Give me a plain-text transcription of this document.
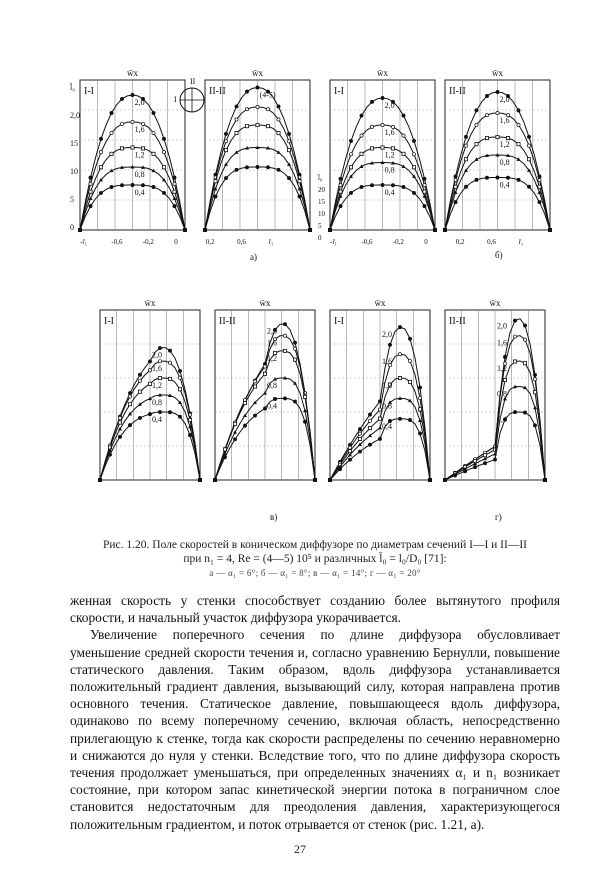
I-I
w̄x
2,0
1,6
1,2
0,8
0,4
II-II
w̄x
(4-5)	I-I
w̄x
2,0
1,6
1,2
0,8
0,4
II-II
w̄x
2,0
1,6
1,2
0,8
0,4
I-I
w̄x
2,0
1,6
1,2
0,8
0,4
II-II
w̄x
2,8
1,6
1,2
0,8
0,4
I-I
w̄x
2,0
1,6
1,2
0,8
0,4
II-II
w̄x
2,0
1,6
1,2
0,8
0,4
I
II
l̄₀
2,0
15
10
5
0
l̄₀
20
15
10
5
0
-r̄₁	-0,6	-0,2	0	0,2	0,6	r̄₁	-r̄₁	-0,6	-0,2	0	0,2	0,6	r̄₁
а)	б)
в)	г)
Рис. 1.20. Поле скоростей в коническом диффузоре по диаметрам сечений I—I и II—II
при n₁ = 4, Re = (4—5) 10⁵ и различных l̄₀ = l₀/D₀ [71]:
а — α₁ = 6°; б — α₁ = 8°; в — α₁ = 14°; г — α₁ = 20°

женная скорость у стенки способствует созданию более вытянутого профиля скорости, и начальный участок диффузора укорачивается.

Увеличение поперечного сечения по длине диффузора обусловливает уменьшение средней скорости течения и, согласно уравнению Бернулли, повышение статического давления. Таким образом, вдоль диффузора устанавливается положительный градиент давления, вызывающий силу, которая направлена против основного течения. Статическое давление, повышающееся вдоль диффузора, одинаково по всему поперечному сечению, включая область, непосредственно прилегающую к стенке, тогда как скорости распределены по сечению неравномерно и снижаются до нуля у стенки. Вследствие того, что по длине диффузора скорость течения продолжает уменьшаться, при определенных значениях α₁ и n₁ возникает состояние, при котором запас кинетической энергии потока в пограничном слое становится недостаточным для преодоления давления, характеризующегося положительным градиентом, и поток отрывается от стенок (рис. 1.21, а).

27
